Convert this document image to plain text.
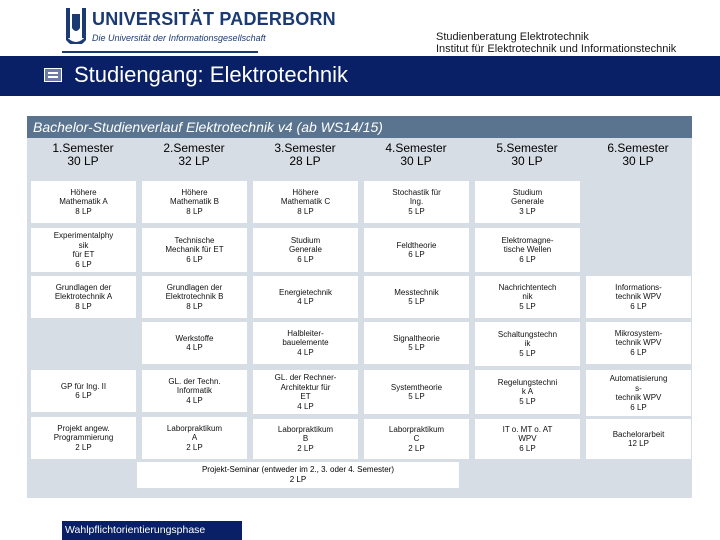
UNIVERSITÄT PADERBORN
Die Universität der Informationsgesellschaft	Studienberatung Elektrotechnik
Institut für Elektrotechnik und Informationstechnik
Studiengang: Elektrotechnik
Bachelor-Studienverlauf Elektrotechnik v4 (ab WS14/15)
1.Semester
30 LP
2.Semester
32 LP
3.Semester
28 LP
4.Semester
30 LP
5.Semester
30 LP
6.Semester
30 LP
Höhere
Mathematik A
8 LP
Experimentalphy
sik
für ET
6 LP
Grundlagen der
Elektrotechnik A
8 LP
GP für Ing. II
6 LP
Projekt angew.
Programmierung
2 LP
Höhere
Mathematik B
8 LP
Technische
Mechanik für ET
6 LP
Grundlagen der
Elektrotechnik B
8 LP
Werkstoffe
4 LP
GL. der Techn.
Informatik
4 LP
Laborpraktikum
A
2 LP
Höhere
Mathematik C
8 LP
Studium
Generale
6 LP
Energietechnik
4 LP
Halbleiter-
bauelemente
4 LP
GL. der Rechner-
Architektur für
ET
4 LP
Laborpraktikum
B
2 LP
Stochastik für
Ing.
5 LP
Feldtheorie
6 LP
Messtechnik
5 LP
Signaltheorie
5 LP
Systemtheorie
5 LP
Laborpraktikum
C
2 LP
Studium
Generale
3 LP
Elektromagne-
tische Wellen
6 LP
Nachrichtentech
nik
5 LP
Schaltungstechn
ik
5 LP
Regelungstechni
k A
5 LP
IT o. MT o. AT
WPV
6 LP
Informations-
technik WPV
6 LP
Mikrosystem-
technik WPV
6 LP
Automatisierung
s-
technik WPV
6 LP
Bachelorarbeit
12 LP
Projekt-Seminar (entweder im 2., 3. oder 4. Semester)
2 LP
Wahlpflichtorientierungsphase
